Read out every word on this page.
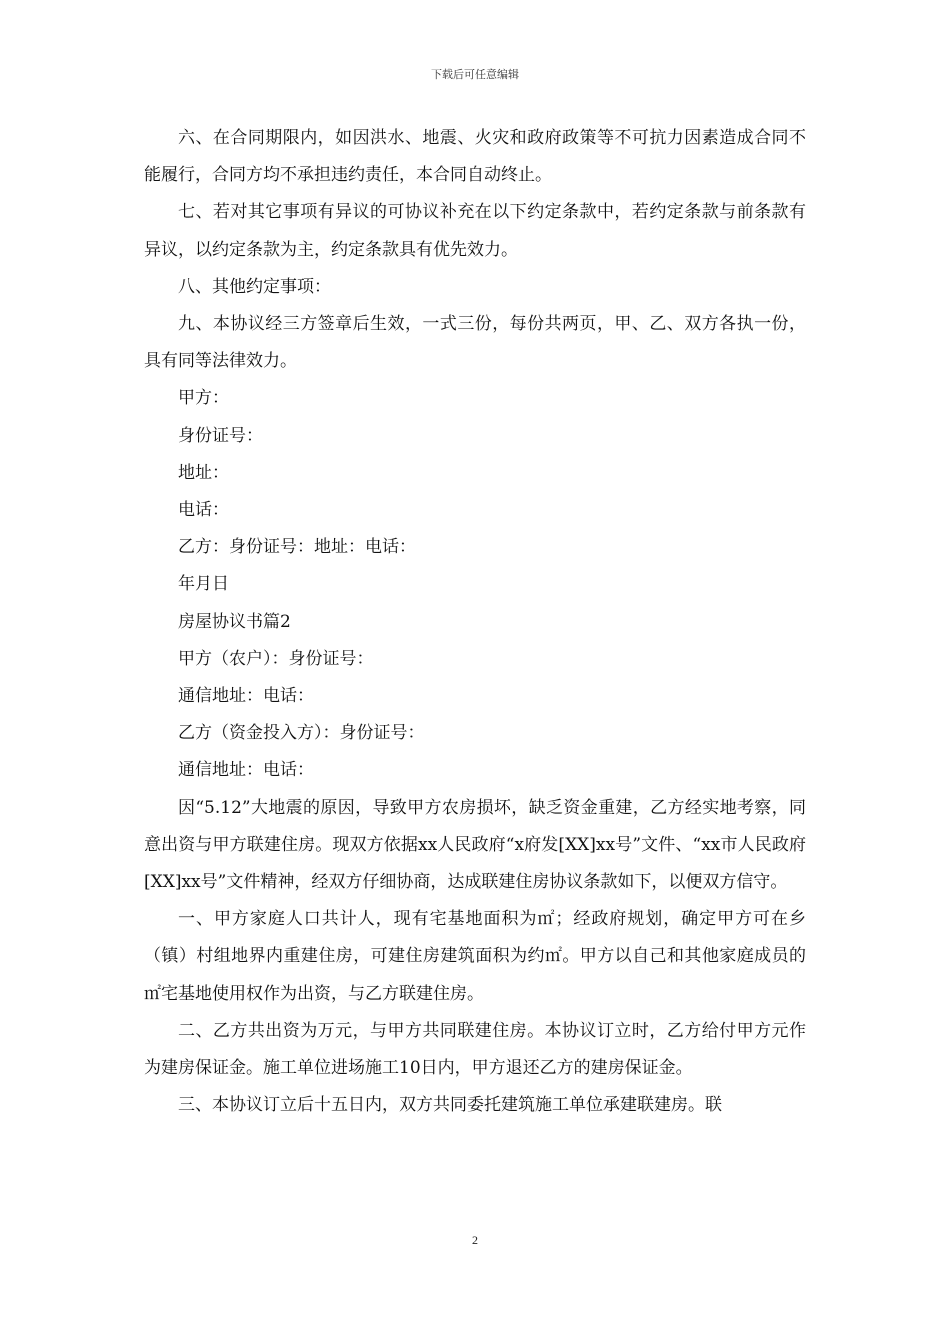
下载后可任意编辑

六、在合同期限内，如因洪水、地震、火灾和政府政策等不可抗力因素造成合同不能履行，合同方均不承担违约责任，本合同自动终止。

七、若对其它事项有异议的可协议补充在以下约定条款中，若约定条款与前条款有异议，以约定条款为主，约定条款具有优先效力。

八、其他约定事项：

九、本协议经三方签章后生效，一式三份，每份共两页，甲、乙、双方各执一份，具有同等法律效力。

甲方：

身份证号：

地址：

电话：

乙方：身份证号：地址：电话：

年月日

房屋协议书篇2

甲方（农户）：身份证号：

通信地址：电话：

乙方（资金投入方）：身份证号：

通信地址：电话：

因“5.12”大地震的原因，导致甲方农房损坏，缺乏资金重建，乙方经实地考察，同意出资与甲方联建住房。现双方依据xx人民政府“x府发[XX]xx号”文件、“xx市人民政府[XX]xx号”文件精神，经双方仔细协商，达成联建住房协议条款如下，以便双方信守。

一、甲方家庭人口共计人，现有宅基地面积为㎡；经政府规划，确定甲方可在乡（镇）村组地界内重建住房，可建住房建筑面积为约㎡。甲方以自己和其他家庭成员的㎡宅基地使用权作为出资，与乙方联建住房。

二、乙方共出资为万元，与甲方共同联建住房。本协议订立时，乙方给付甲方元作为建房保证金。施工单位进场施工10日内，甲方退还乙方的建房保证金。

三、本协议订立后十五日内，双方共同委托建筑施工单位承建联建房。联

2
